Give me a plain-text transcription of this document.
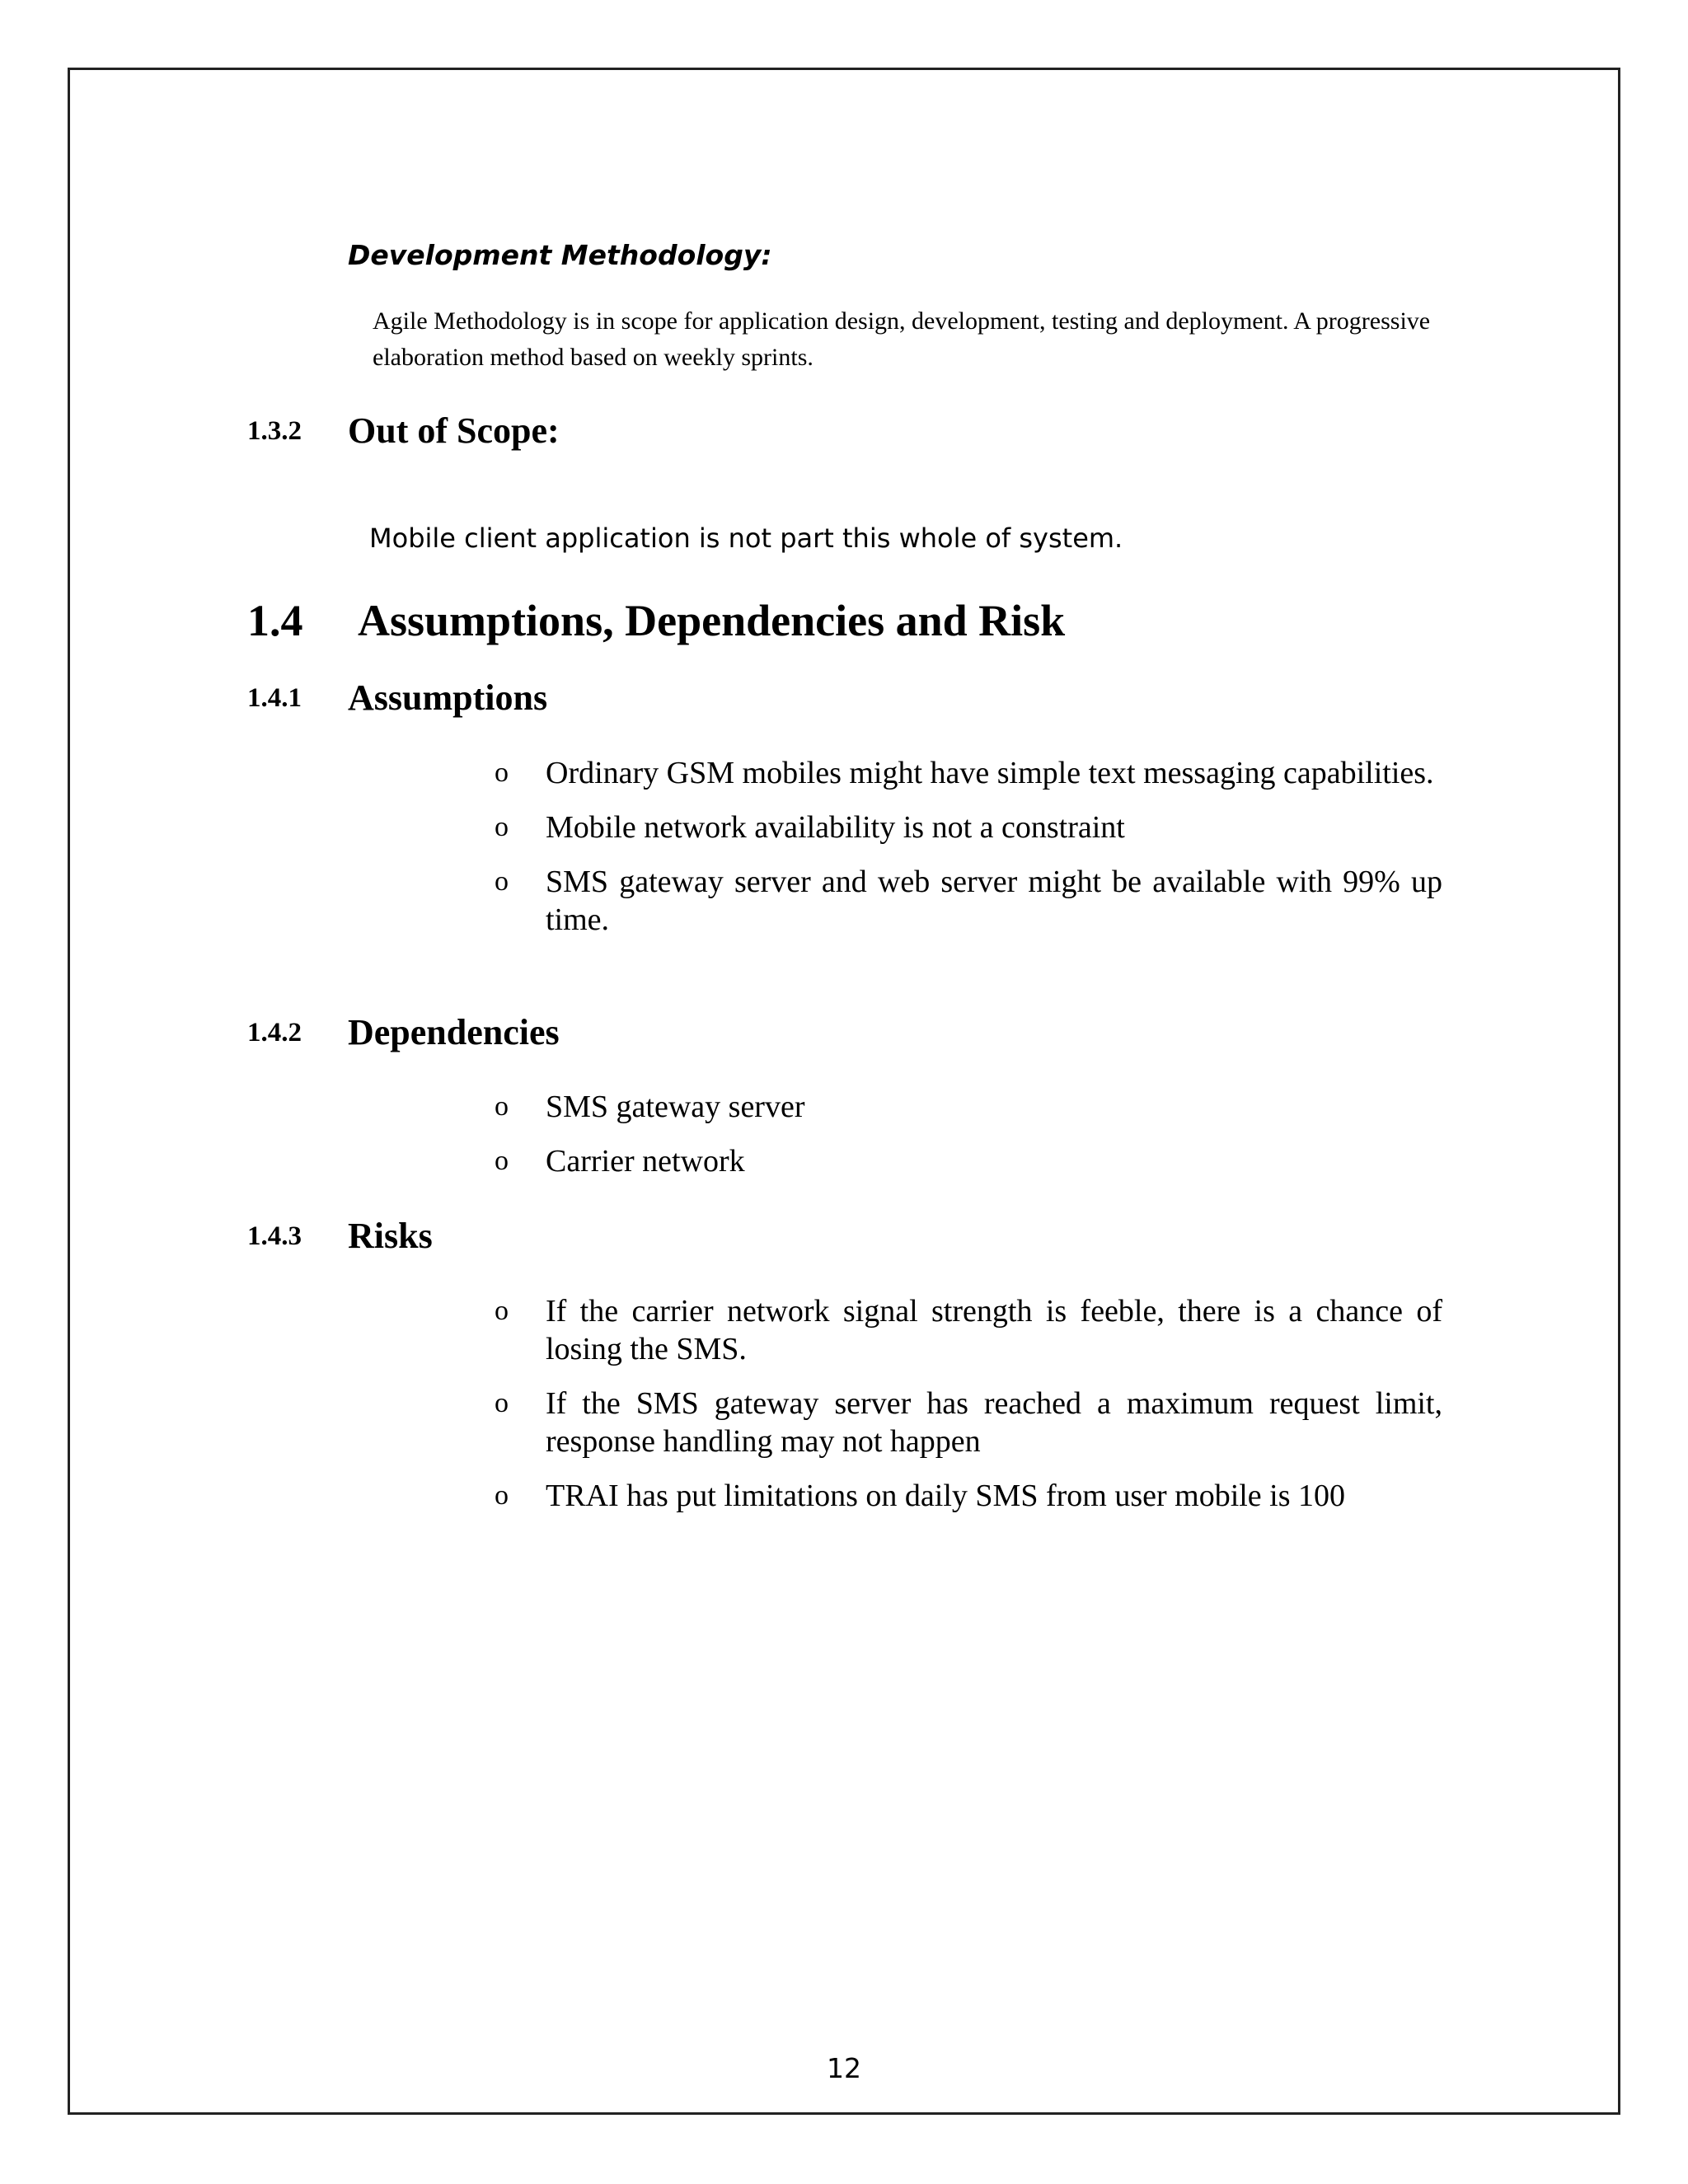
Development Methodology:
Agile Methodology is in scope for application design, development, testing and deployment. A progressive elaboration method based on weekly sprints.
1.3.2 Out of Scope:
Mobile client application is not part this whole of system.
1.4 Assumptions, Dependencies and Risk
1.4.1 Assumptions
o Ordinary GSM mobiles might have simple text messaging capabilities.
o Mobile network availability is not a constraint
o SMS gateway server and web server might be available with 99% up time.
1.4.2 Dependencies
o SMS gateway server
o Carrier network
1.4.3 Risks
o If the carrier network signal strength is feeble, there is a chance of losing the SMS.
o If the SMS gateway server has reached a maximum request limit, response handling may not happen
o TRAI has put limitations on daily SMS from user mobile is 100
12
